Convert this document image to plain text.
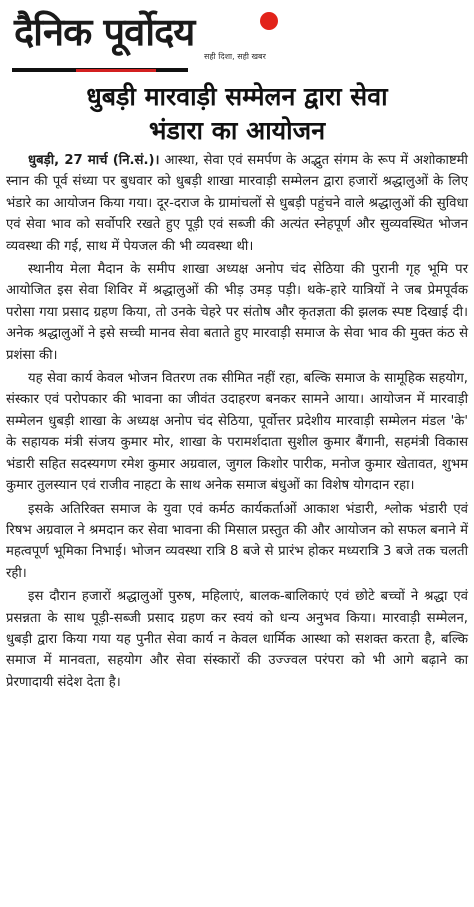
दैनिक पूर्वोदय
सही दिशा, सही खबर
धुबड़ी मारवाड़ी सम्मेलन द्वारा सेवा
भंडारा का आयोजन

धुबड़ी, 27 मार्च (नि.सं.)। आस्था, सेवा एवं समर्पण के अद्भुत संगम के रूप में अशोकाष्टमी स्नान की पूर्व संध्या पर बुधवार को धुबड़ी शाखा मारवाड़ी सम्मेलन द्वारा हजारों श्रद्धालुओं के लिए भंडारे का आयोजन किया गया। दूर-दराज के ग्रामांचलों से धुबड़ी पहुंचने वाले श्रद्धालुओं की सुविधा एवं सेवा भाव को सर्वोपरि रखते हुए पूड़ी एवं सब्जी की अत्यंत स्नेहपूर्ण और सुव्यवस्थित भोजन व्यवस्था की गई, साथ में पेयजल की भी व्यवस्था थी।

स्थानीय मेला मैदान के समीप शाखा अध्यक्ष अनोप चंद सेठिया की पुरानी गृह भूमि पर आयोजित इस सेवा शिविर में श्रद्धालुओं की भीड़ उमड़ पड़ी। थके-हारे यात्रियों ने जब प्रेमपूर्वक परोसा गया प्रसाद ग्रहण किया, तो उनके चेहरे पर संतोष और कृतज्ञता की झलक स्पष्ट दिखाई दी। अनेक श्रद्धालुओं ने इसे सच्ची मानव सेवा बताते हुए मारवाड़ी समाज के सेवा भाव की मुक्त कंठ से प्रशंसा की।

यह सेवा कार्य केवल भोजन वितरण तक सीमित नहीं रहा, बल्कि समाज के सामूहिक सहयोग, संस्कार एवं परोपकार की भावना का जीवंत उदाहरण बनकर सामने आया। आयोजन में मारवाड़ी सम्मेलन धुबड़ी शाखा के अध्यक्ष अनोप चंद सेठिया, पूर्वोत्तर प्रदेशीय मारवाड़ी सम्मेलन मंडल 'के' के सहायक मंत्री संजय कुमार मोर, शाखा के परामर्शदाता सुशील कुमार बैंगानी, सहमंत्री विकास भंडारी सहित सदस्यगण रमेश कुमार अग्रवाल, जुगल किशोर पारीक, मनोज कुमार खेतावत, शुभम कुमार तुलस्यान एवं राजीव नाहटा के साथ अनेक समाज बंधुओं का विशेष योगदान रहा।

इसके अतिरिक्त समाज के युवा एवं कर्मठ कार्यकर्ताओं आकाश भंडारी, श्लोक भंडारी एवं रिषभ अग्रवाल ने श्रमदान कर सेवा भावना की मिसाल प्रस्तुत की और आयोजन को सफल बनाने में महत्वपूर्ण भूमिका निभाई। भोजन व्यवस्था रात्रि 8 बजे से प्रारंभ होकर मध्यरात्रि 3 बजे तक चलती रही।

इस दौरान हजारों श्रद्धालुओं पुरुष, महिलाएं, बालक-बालिकाएं एवं छोटे बच्चों ने श्रद्धा एवं प्रसन्नता के साथ पूड़ी-सब्जी प्रसाद ग्रहण कर स्वयं को धन्य अनुभव किया। मारवाड़ी सम्मेलन, धुबड़ी द्वारा किया गया यह पुनीत सेवा कार्य न केवल धार्मिक आस्था को सशक्त करता है, बल्कि समाज में मानवता, सहयोग और सेवा संस्कारों की उज्ज्वल परंपरा को भी आगे बढ़ाने का प्रेरणादायी संदेश देता है।
